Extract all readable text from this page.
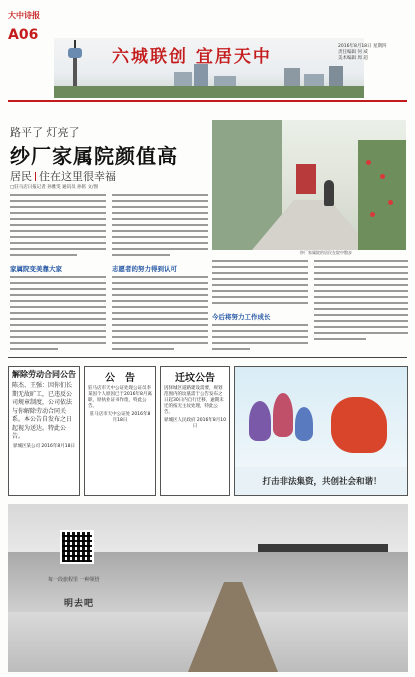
大中诗报
A06
六城联创 宜居天中
2016年8月18日 星期四
责任编辑 何 威
美术编辑 周 超
路平了 灯亮了
纱厂家属院颜值高
居民 住在这里很幸福
纱厂家属院的居民在院中散步
□驻马店日报记者 孙雅雯 通讯员 孙铭 文/图
家属院变美靠大家	志愿者的努力得到认可
今后将努力工作成长
解除劳动合同公告
陈杰、王强：因你们长期无故旷工，已违反公司规章制度，公司依法与你解除劳动合同关系。本公告自发布之日起视为送达。特此公告。
驿城区某公司 2016年8月18日
公　告
驻马店市天中公证处现公证员李某因个人原因已于2016年8月离职，原执业证书作废，特此公告。
驻马店市天中公证处 2016年8月18日
迁坟公告
因驿城区道路建设需要，规划范围内的坟墓需于公告发布之日起30日内自行迁移，逾期未迁的按无主坟处理，特此公告。
驿城区人民政府 2016年8月10日
打击非法集资，共创社会和谐！
每一段旅程里 一种领悟
明去吧
